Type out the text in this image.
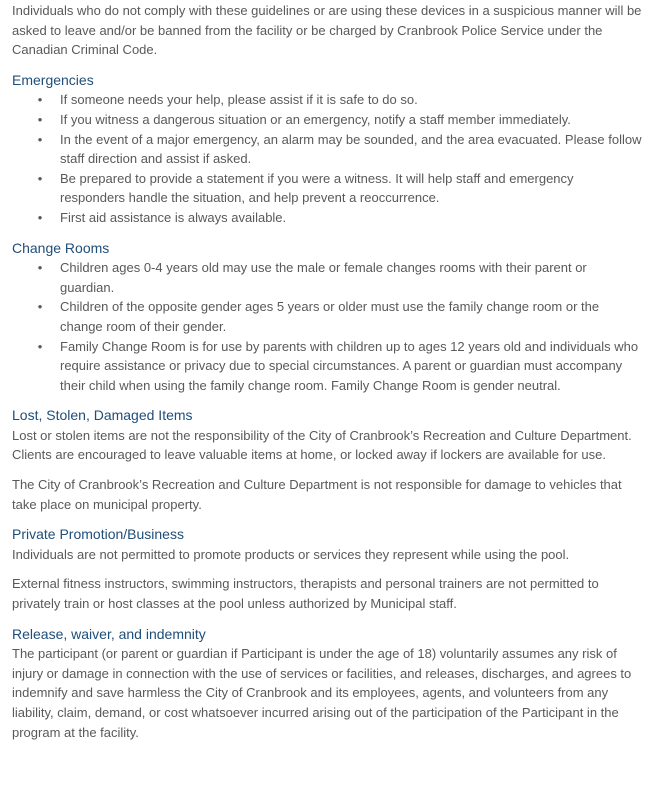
Individuals who do not comply with these guidelines or are using these devices in a suspicious manner will be asked to leave and/or be banned from the facility or be charged by Cranbrook Police Service under the Canadian Criminal Code.

Emergencies
• If someone needs your help, please assist if it is safe to do so.
• If you witness a dangerous situation or an emergency, notify a staff member immediately.
• In the event of a major emergency, an alarm may be sounded, and the area evacuated. Please follow staff direction and assist if asked.
• Be prepared to provide a statement if you were a witness. It will help staff and emergency responders handle the situation, and help prevent a reoccurrence.
• First aid assistance is always available.
Change Rooms
• Children ages 0-4 years old may use the male or female changes rooms with their parent or guardian.
• Children of the opposite gender ages 5 years or older must use the family change room or the change room of their gender.
• Family Change Room is for use by parents with children up to ages 12 years old and individuals who require assistance or privacy due to special circumstances. A parent or guardian must accompany their child when using the family change room. Family Change Room is gender neutral.
Lost, Stolen, Damaged Items

Lost or stolen items are not the responsibility of the City of Cranbrook’s Recreation and Culture Department. Clients are encouraged to leave valuable items at home, or locked away if lockers are available for use.

The City of Cranbrook’s Recreation and Culture Department is not responsible for damage to vehicles that take place on municipal property.

Private Promotion/Business

Individuals are not permitted to promote products or services they represent while using the pool.

External fitness instructors, swimming instructors, therapists and personal trainers are not permitted to privately train or host classes at the pool unless authorized by Municipal staff.

Release, waiver, and indemnity

The participant (or parent or guardian if Participant is under the age of 18) voluntarily assumes any risk of injury or damage in connection with the use of services or facilities, and releases, discharges, and agrees to indemnify and save harmless the City of Cranbrook and its employees, agents, and volunteers from any liability, claim, demand, or cost whatsoever incurred arising out of the participation of the Participant in the program at the facility.
